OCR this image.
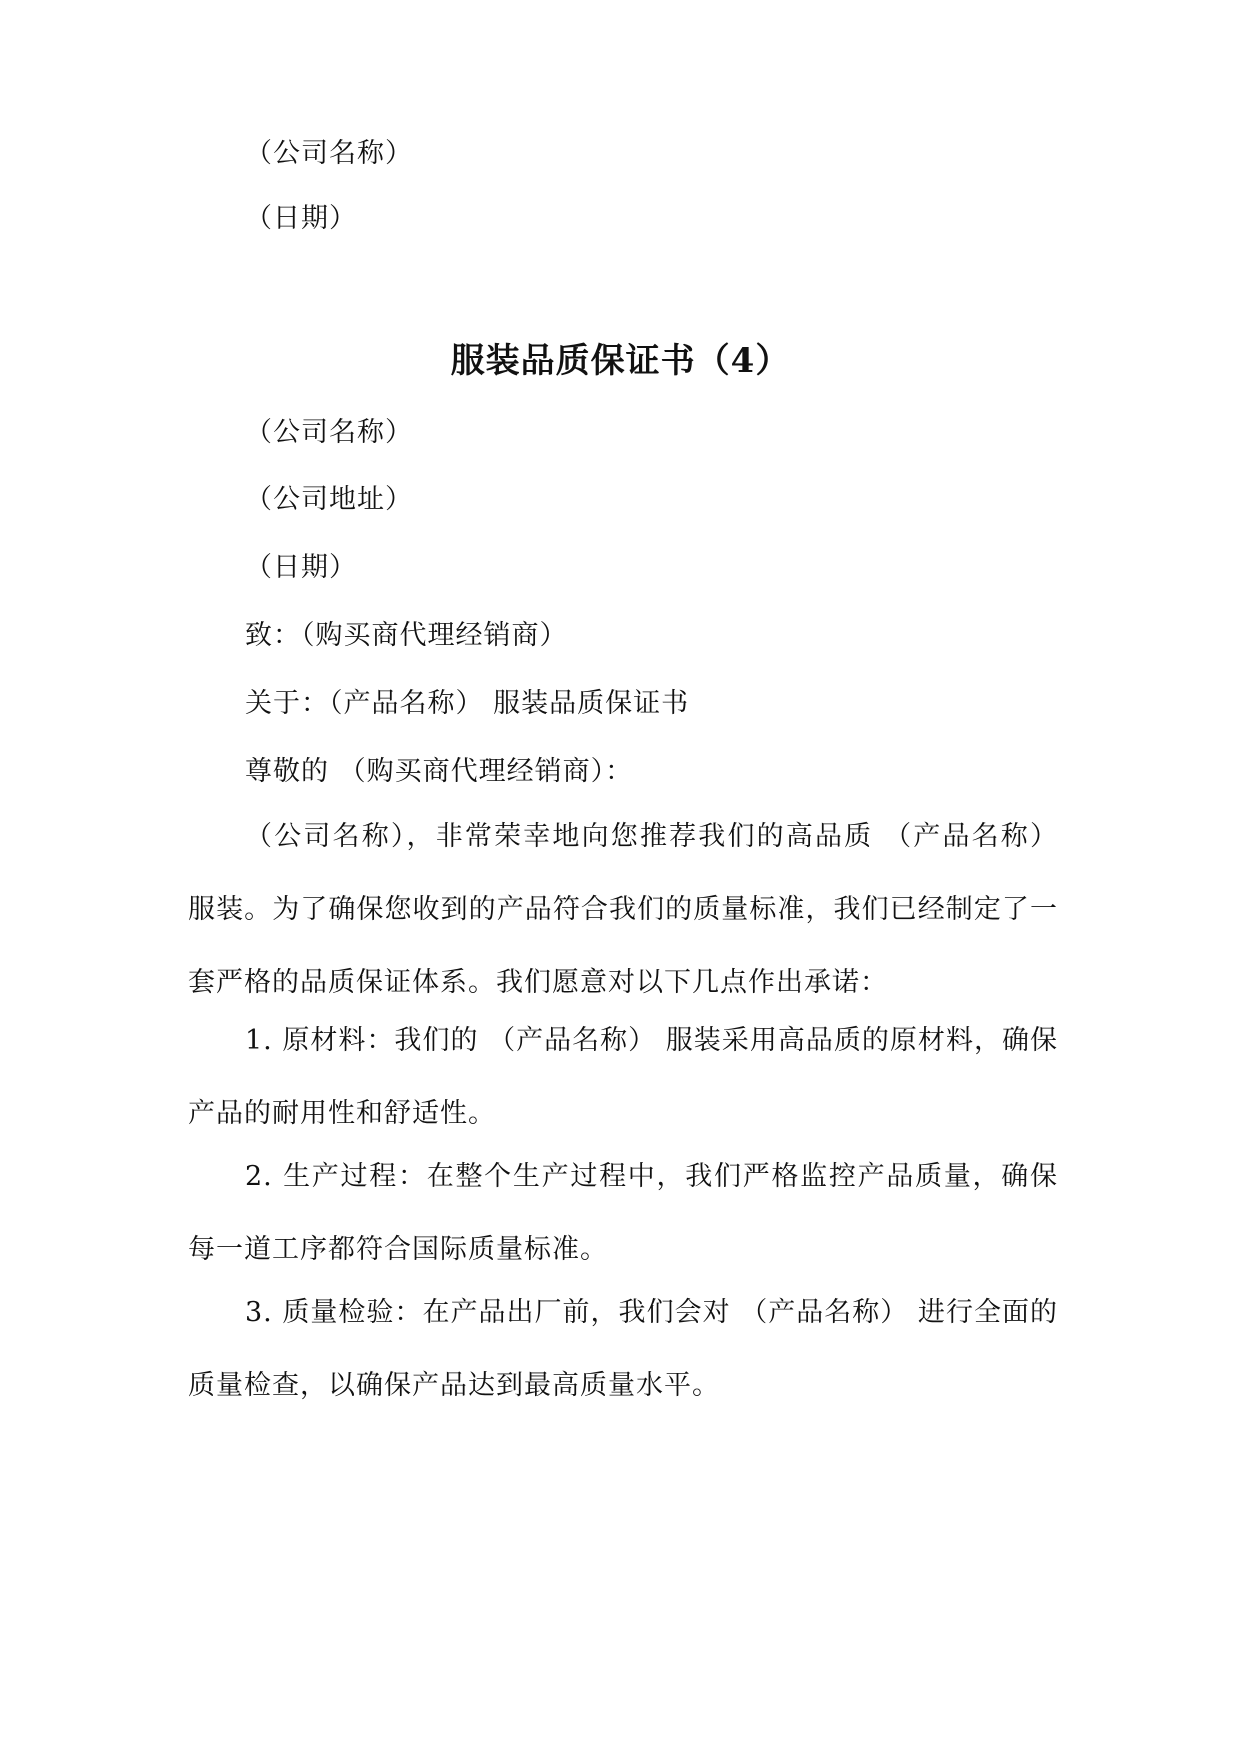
（公司名称）
（日期）
服装品质保证书（4）
（公司名称）
（公司地址）
（日期）
致：（购买商代理经销商）
关于：（产品名称） 服装品质保证书
尊敬的 （购买商代理经销商）：
（公司名称），非常荣幸地向您推荐我们的高品质 （产品名称） 服装。为了确保您收到的产品符合我们的质量标准，我们已经制定了一套严格的品质保证体系。我们愿意对以下几点作出承诺：
1. 原材料：我们的 （产品名称） 服装采用高品质的原材料，确保产品的耐用性和舒适性。
2. 生产过程：在整个生产过程中，我们严格监控产品质量，确保每一道工序都符合国际质量标准。
3. 质量检验：在产品出厂前，我们会对 （产品名称） 进行全面的质量检查，以确保产品达到最高质量水平。
